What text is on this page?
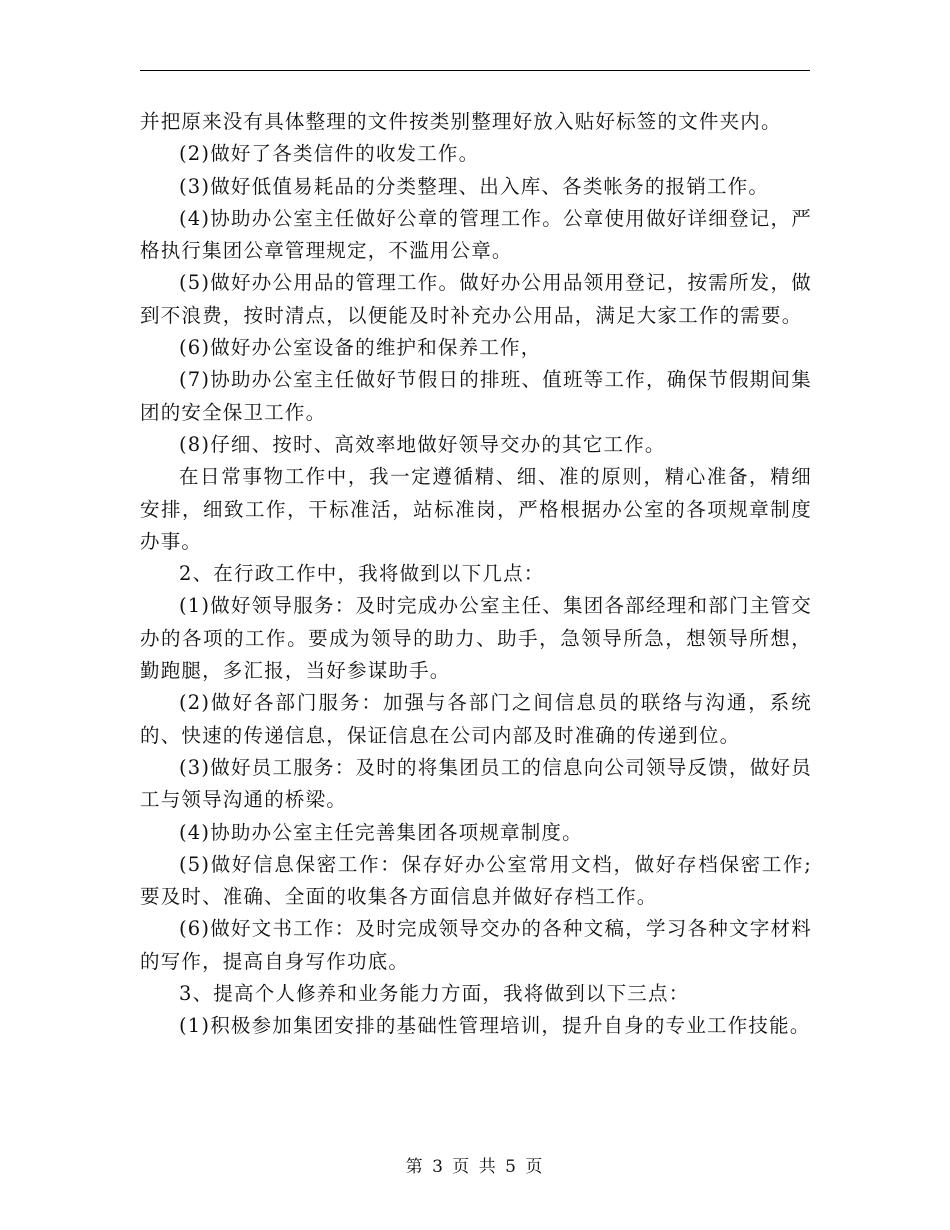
并把原来没有具体整理的文件按类别整理好放入贴好标签的文件夹内。

(2)做好了各类信件的收发工作。

(3)做好低值易耗品的分类整理、出入库、各类帐务的报销工作。

(4)协助办公室主任做好公章的管理工作。公章使用做好详细登记，严格执行集团公章管理规定，不滥用公章。

(5)做好办公用品的管理工作。做好办公用品领用登记，按需所发，做到不浪费，按时清点，以便能及时补充办公用品，满足大家工作的需要。

(6)做好办公室设备的维护和保养工作，

(7)协助办公室主任做好节假日的排班、值班等工作，确保节假期间集团的安全保卫工作。

(8)仔细、按时、高效率地做好领导交办的其它工作。

在日常事物工作中，我一定遵循精、细、准的原则，精心准备，精细安排，细致工作，干标准活，站标准岗，严格根据办公室的各项规章制度办事。

2、在行政工作中，我将做到以下几点：

(1)做好领导服务：及时完成办公室主任、集团各部经理和部门主管交办的各项的工作。要成为领导的助力、助手，急领导所急，想领导所想，勤跑腿，多汇报，当好参谋助手。

(2)做好各部门服务：加强与各部门之间信息员的联络与沟通，系统的、快速的传递信息，保证信息在公司内部及时准确的传递到位。

(3)做好员工服务：及时的将集团员工的信息向公司领导反馈，做好员工与领导沟通的桥梁。

(4)协助办公室主任完善集团各项规章制度。

(5)做好信息保密工作：保存好办公室常用文档，做好存档保密工作;要及时、准确、全面的收集各方面信息并做好存档工作。

(6)做好文书工作：及时完成领导交办的各种文稿，学习各种文字材料的写作，提高自身写作功底。

3、提高个人修养和业务能力方面，我将做到以下三点：

(1)积极参加集团安排的基础性管理培训，提升自身的专业工作技能。

第 3 页 共 5 页
